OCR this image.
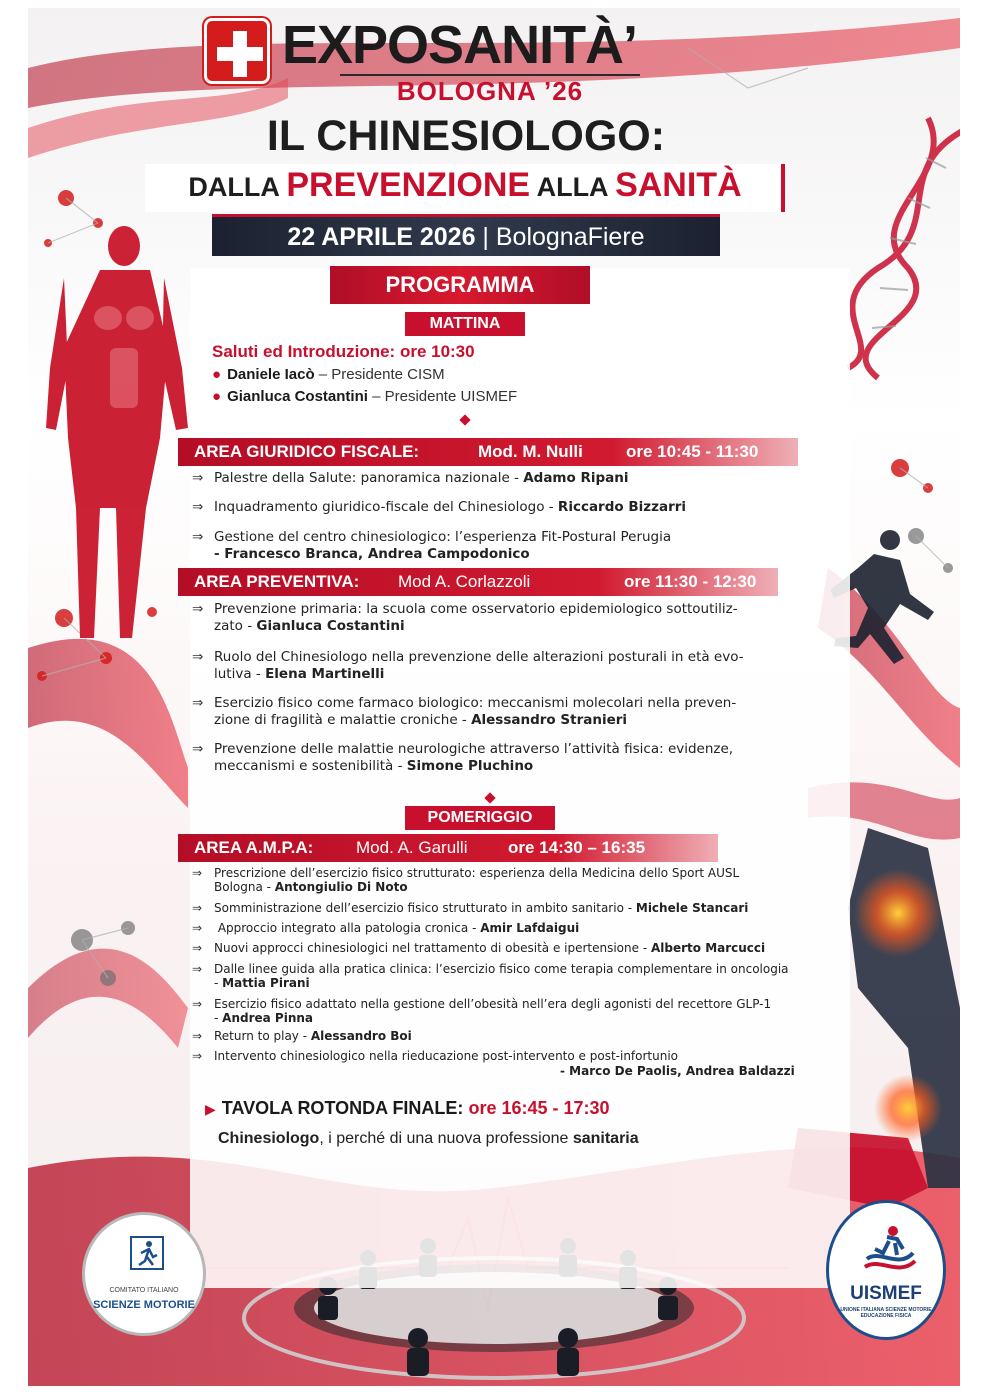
EXPOSANITÀ’
BOLOGNA ’26
IL CHINESIOLOGO:
DALLA PREVENZIONE ALLA SANITÀ
22 APRILE 2026 | BolognaFiere
PROGRAMMA
MATTINA
Saluti ed Introduzione: ore 10:30
● Daniele Iacò – Presidente CISM
● Gianluca Costantini – Presidente UISMEF
AREA GIURIDICO FISCALE:	Mod. M. Nulli	ore 10:45 - 11:30
⇒ Palestre della Salute: panoramica nazionale - Adamo Ripani
⇒ Inquadramento giuridico-fiscale del Chinesiologo - Riccardo Bizzarri
⇒ Gestione del centro chinesiologico: l’esperienza Fit-Postural Perugia
- Francesco Branca, Andrea Campodonico
AREA PREVENTIVA: Mod A. Corlazzoli	ore 11:30 - 12:30
⇒ Prevenzione primaria: la scuola come osservatorio epidemiologico sottoutiliz-
zato - Gianluca Costantini
⇒ Ruolo del Chinesiologo nella prevenzione delle alterazioni posturali in età evo-
lutiva - Elena Martinelli
⇒ Esercizio fisico come farmaco biologico: meccanismi molecolari nella preven-
zione di fragilità e malattie croniche - Alessandro Stranieri
⇒ Prevenzione delle malattie neurologiche attraverso l’attività fisica: evidenze,
meccanismi e sostenibilità - Simone Pluchino
POMERIGGIO
AREA A.M.P.A:	Mod. A. Garulli ore 14:30 – 16:35
⇒ Prescrizione dell’esercizio fisico strutturato: esperienza della Medicina dello Sport AUSL
Bologna - Antongiulio Di Noto
⇒ Somministrazione dell’esercizio fisico strutturato in ambito sanitario - Michele Stancari
⇒ Approccio integrato alla patologia cronica - Amir Lafdaigui
⇒ Nuovi approcci chinesiologici nel trattamento di obesità e ipertensione - Alberto Marcucci
⇒ Dalle linee guida alla pratica clinica: l’esercizio fisico come terapia complementare in oncologia
- Mattia Pirani
⇒ Esercizio fisico adattato nella gestione dell’obesità nell’era degli agonisti del recettore GLP-1
- Andrea Pinna
⇒ Return to play - Alessandro Boi
⇒ Intervento chinesiologico nella rieducazione post-intervento e post-infortunio
- Marco De Paolis, Andrea Baldazzi
▶ TAVOLA ROTONDA FINALE: ore 16:45 - 17:30
Chinesiologo, i perché di una nuova professione sanitaria
COMITATO ITALIANO
SCIENZE MOTORIE
UISMEF
UNIONE ITALIANA SCIENZE MOTORIE EDUCAZIONE FISICA
